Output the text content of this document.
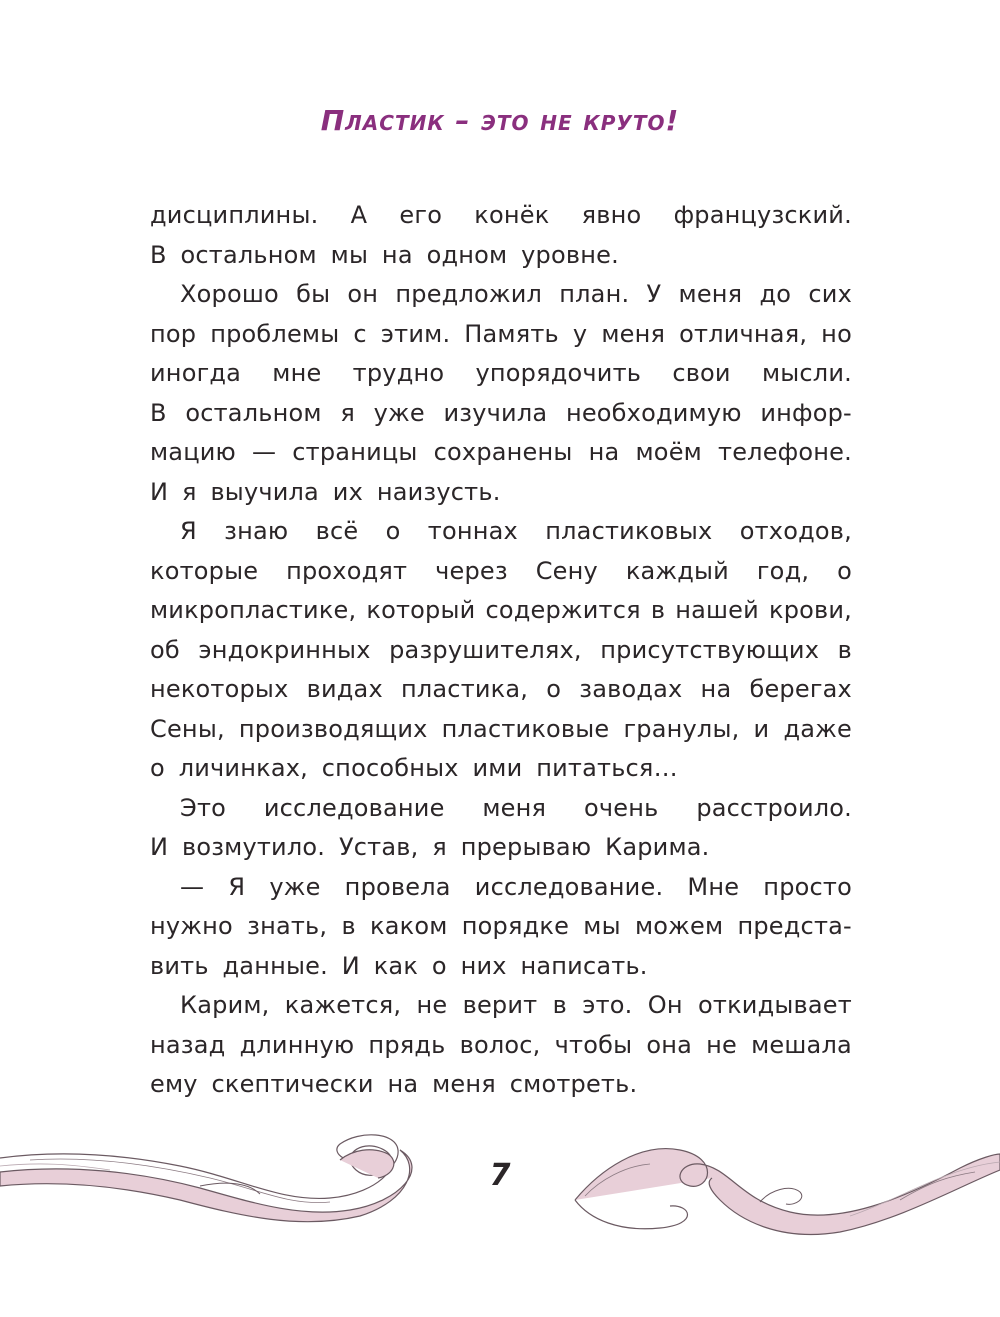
Пластик – это не круто!
дисциплины. А его конёк явно французский.
В остальном мы на одном уровне.
Хорошо бы он предложил план. У меня до сих
пор проблемы с этим. Память у меня отличная, но
иногда мне трудно упорядочить свои мысли.
В остальном я уже изучила необходимую инфор-
мацию — страницы сохранены на моём телефоне.
И я выучила их наизусть.
Я знаю всё о тоннах пластиковых отходов,
которые проходят через Сену каждый год, о
микропластике, который содержится в нашей крови,
об эндокринных разрушителях, присутствующих в
некоторых видах пластика, о заводах на берегах
Сены, производящих пластиковые гранулы, и даже
о личинках, способных ими питаться…
Это исследование меня очень расстроило.
И возмутило. Устав, я прерываю Карима.
— Я уже провела исследование. Мне просто
нужно знать, в каком порядке мы можем предста-
вить данные. И как о них написать.
Карим, кажется, не верит в это. Он откидывает
назад длинную прядь волос, чтобы она не мешала
ему скептически на меня смотреть.
7
